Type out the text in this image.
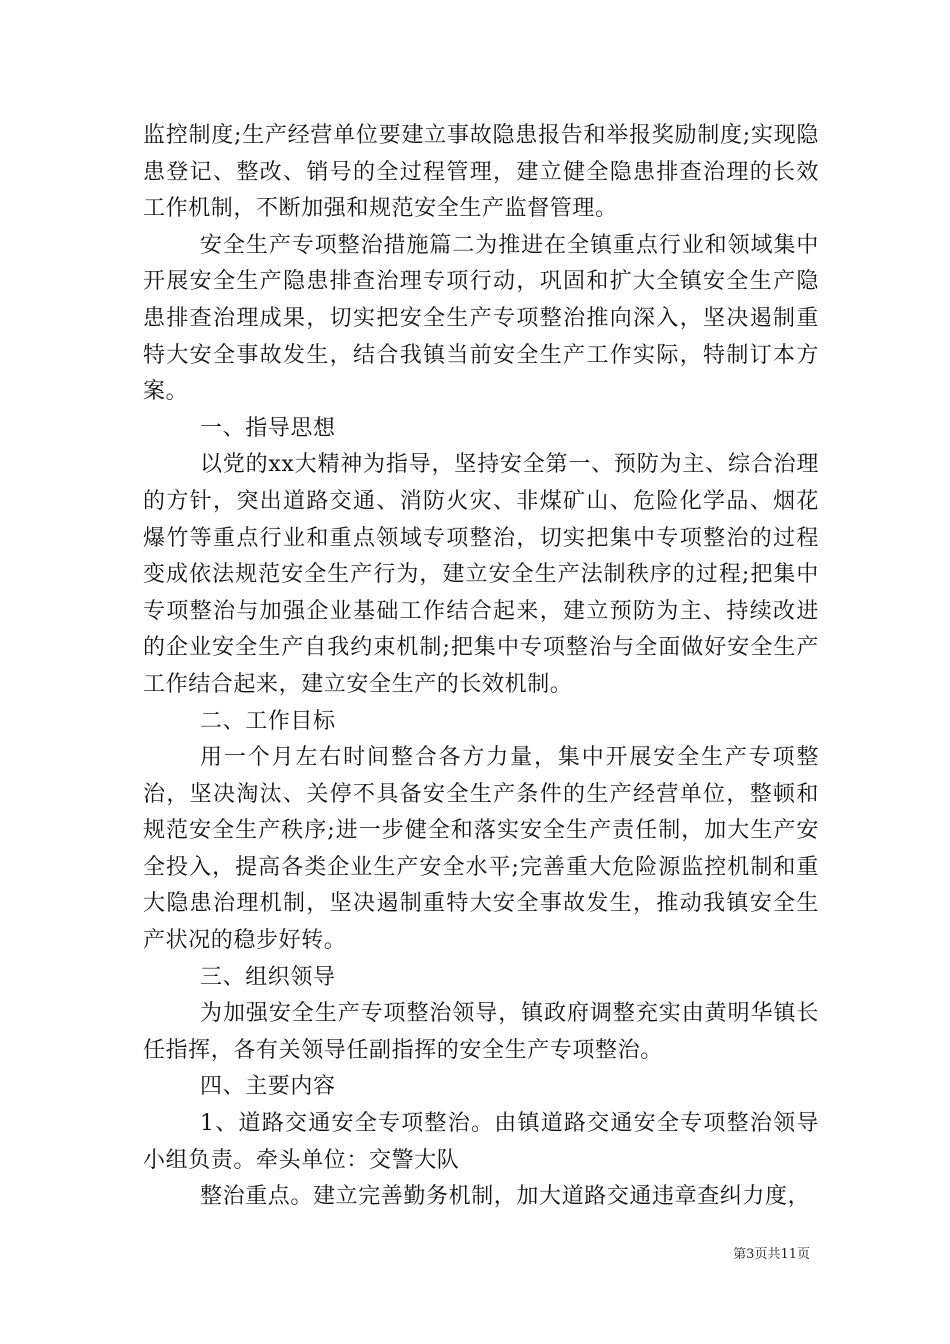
监控制度;生产经营单位要建立事故隐患报告和举报奖励制度;实现隐患登记、整改、销号的全过程管理，建立健全隐患排查治理的长效工作机制，不断加强和规范安全生产监督管理。

安全生产专项整治措施篇二为推进在全镇重点行业和领域集中开展安全生产隐患排查治理专项行动，巩固和扩大全镇安全生产隐患排查治理成果，切实把安全生产专项整治推向深入，坚决遏制重特大安全事故发生，结合我镇当前安全生产工作实际，特制订本方案。

一、指导思想

以党的xx大精神为指导，坚持安全第一、预防为主、综合治理的方针，突出道路交通、消防火灾、非煤矿山、危险化学品、烟花爆竹等重点行业和重点领域专项整治，切实把集中专项整治的过程变成依法规范安全生产行为，建立安全生产法制秩序的过程;把集中专项整治与加强企业基础工作结合起来，建立预防为主、持续改进的企业安全生产自我约束机制;把集中专项整治与全面做好安全生产工作结合起来，建立安全生产的长效机制。

二、工作目标

用一个月左右时间整合各方力量，集中开展安全生产专项整治，坚决淘汰、关停不具备安全生产条件的生产经营单位，整顿和规范安全生产秩序;进一步健全和落实安全生产责任制，加大生产安全投入，提高各类企业生产安全水平;完善重大危险源监控机制和重大隐患治理机制，坚决遏制重特大安全事故发生，推动我镇安全生产状况的稳步好转。

三、组织领导

为加强安全生产专项整治领导，镇政府调整充实由黄明华镇长任指挥，各有关领导任副指挥的安全生产专项整治。

四、主要内容

1、道路交通安全专项整治。由镇道路交通安全专项整治领导小组负责。牵头单位：交警大队

整治重点。建立完善勤务机制，加大道路交通违章查纠力度，

第3页共11页
